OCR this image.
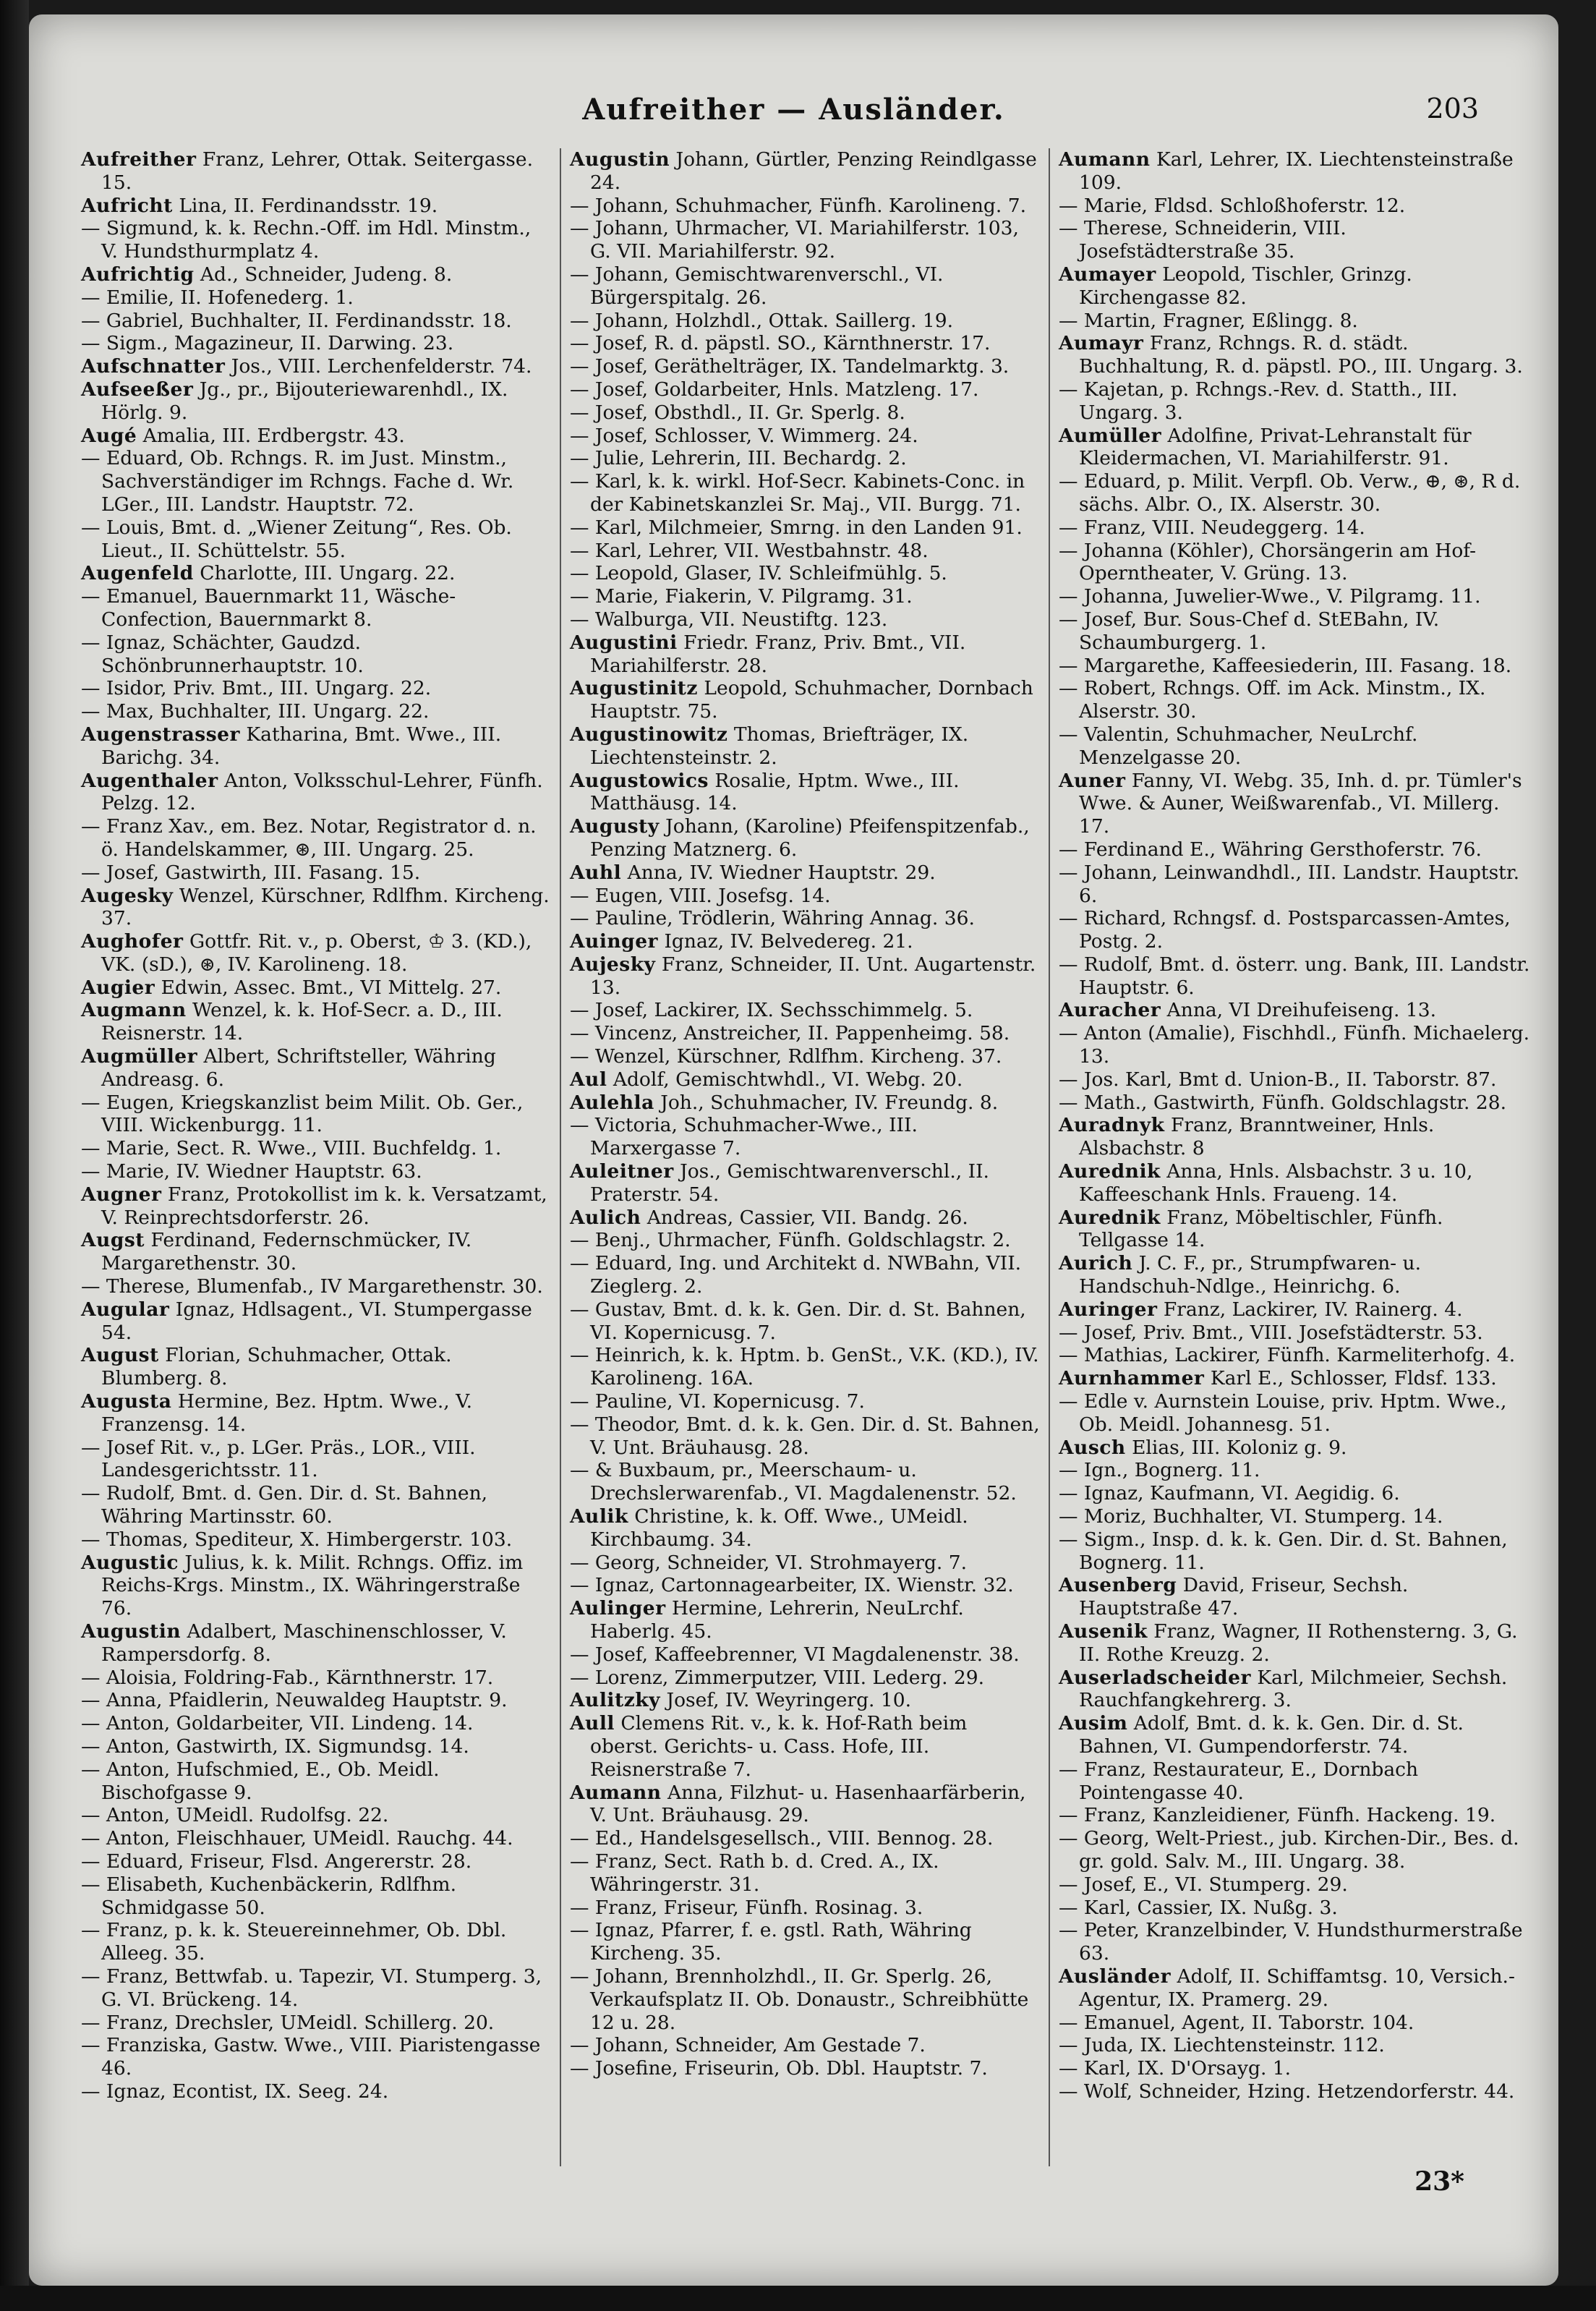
Aufreither — Ausländer.	203
Aufreither Franz, Lehrer, Ottak. Seitergasse. 15.
Aufricht Lina, II. Ferdinandsstr. 19.
— Sigmund, k. k. Rechn.-Off. im Hdl. Minstm., V. Hundsthurmplatz 4.
Aufrichtig Ad., Schneider, Judeng. 8.
— Emilie, II. Hofenederg. 1.
— Gabriel, Buchhalter, II. Ferdinandsstr. 18.
— Sigm., Magazineur, II. Darwing. 23.
Aufschnatter Jos., VIII. Lerchenfelderstr. 74.
Aufseeßer Jg., pr., Bijouteriewarenhdl., IX. Hörlg. 9.
Augé Amalia, III. Erdbergstr. 43.
— Eduard, Ob. Rchngs. R. im Just. Minstm., Sachverständiger im Rchngs. Fache d. Wr. LGer., III. Landstr. Hauptstr. 72.
— Louis, Bmt. d. „Wiener Zeitung“, Res. Ob. Lieut., II. Schüttelstr. 55.
Augenfeld Charlotte, III. Ungarg. 22.
— Emanuel, Bauernmarkt 11, Wäsche-Confection, Bauernmarkt 8.
— Ignaz, Schächter, Gaudzd. Schönbrunnerhauptstr. 10.
— Isidor, Priv. Bmt., III. Ungarg. 22.
— Max, Buchhalter, III. Ungarg. 22.
Augenstrasser Katharina, Bmt. Wwe., III. Barichg. 34.
Augenthaler Anton, Volksschul-Lehrer, Fünfh. Pelzg. 12.
— Franz Xav., em. Bez. Notar, Registrator d. n. ö. Handelskammer, ⊛, III. Ungarg. 25.
— Josef, Gastwirth, III. Fasang. 15.
Augesky Wenzel, Kürschner, Rdlfhm. Kircheng. 37.
Aughofer Gottfr. Rit. v., p. Oberst, ♔ 3. (KD.), VK. (sD.), ⊛, IV. Karolineng. 18.
Augier Edwin, Assec. Bmt., VI Mittelg. 27.
Augmann Wenzel, k. k. Hof-Secr. a. D., III. Reisnerstr. 14.
Augmüller Albert, Schriftsteller, Währing Andreasg. 6.
— Eugen, Kriegskanzlist beim Milit. Ob. Ger., VIII. Wickenburgg. 11.
— Marie, Sect. R. Wwe., VIII. Buchfeldg. 1.
— Marie, IV. Wiedner Hauptstr. 63.
Augner Franz, Protokollist im k. k. Versatzamt, V. Reinprechtsdorferstr. 26.
Augst Ferdinand, Federnschmücker, IV. Margarethenstr. 30.
— Therese, Blumenfab., IV Margarethenstr. 30.
Augular Ignaz, Hdlsagent., VI. Stumpergasse 54.
August Florian, Schuhmacher, Ottak. Blumberg. 8.
Augusta Hermine, Bez. Hptm. Wwe., V. Franzensg. 14.
— Josef Rit. v., p. LGer. Präs., LOR., VIII. Landesgerichtsstr. 11.
— Rudolf, Bmt. d. Gen. Dir. d. St. Bahnen, Währing Martinsstr. 60.
— Thomas, Spediteur, X. Himbergerstr. 103.
Augustic Julius, k. k. Milit. Rchngs. Offiz. im Reichs-Krgs. Minstm., IX. Währingerstraße 76.
Augustin Adalbert, Maschinenschlosser, V. Rampersdorfg. 8.
— Aloisia, Foldring-Fab., Kärnthnerstr. 17.
— Anna, Pfaidlerin, Neuwaldeg Hauptstr. 9.
— Anton, Goldarbeiter, VII. Lindeng. 14.
— Anton, Gastwirth, IX. Sigmundsg. 14.
— Anton, Hufschmied, E., Ob. Meidl. Bischofgasse 9.
— Anton, UMeidl. Rudolfsg. 22.
— Anton, Fleischhauer, UMeidl. Rauchg. 44.
— Eduard, Friseur, Flsd. Angererstr. 28.
— Elisabeth, Kuchenbäckerin, Rdlfhm. Schmidgasse 50.
— Franz, p. k. k. Steuereinnehmer, Ob. Dbl. Alleeg. 35.
— Franz, Bettwfab. u. Tapezir, VI. Stumperg. 3, G. VI. Brückeng. 14.
— Franz, Drechsler, UMeidl. Schillerg. 20.
— Franziska, Gastw. Wwe., VIII. Piaristengasse 46.
— Ignaz, Econtist, IX. Seeg. 24.
Augustin Johann, Gürtler, Penzing Reindlgasse 24.
— Johann, Schuhmacher, Fünfh. Karolineng. 7.
— Johann, Uhrmacher, VI. Mariahilferstr. 103, G. VII. Mariahilferstr. 92.
— Johann, Gemischtwarenverschl., VI. Bürgerspitalg. 26.
— Johann, Holzhdl., Ottak. Saillerg. 19.
— Josef, R. d. päpstl. SO., Kärnthnerstr. 17.
— Josef, Geräthelträger, IX. Tandelmarktg. 3.
— Josef, Goldarbeiter, Hnls. Matzleng. 17.
— Josef, Obsthdl., II. Gr. Sperlg. 8.
— Josef, Schlosser, V. Wimmerg. 24.
— Julie, Lehrerin, III. Bechardg. 2.
— Karl, k. k. wirkl. Hof-Secr. Kabinets-Conc. in der Kabinetskanzlei Sr. Maj., VII. Burgg. 71.
— Karl, Milchmeier, Smrng. in den Landen 91.
— Karl, Lehrer, VII. Westbahnstr. 48.
— Leopold, Glaser, IV. Schleifmühlg. 5.
— Marie, Fiakerin, V. Pilgramg. 31.
— Walburga, VII. Neustiftg. 123.
Augustini Friedr. Franz, Priv. Bmt., VII. Mariahilferstr. 28.
Augustinitz Leopold, Schuhmacher, Dornbach Hauptstr. 75.
Augustinowitz Thomas, Briefträger, IX. Liechtensteinstr. 2.
Augustowics Rosalie, Hptm. Wwe., III. Matthäusg. 14.
Augusty Johann, (Karoline) Pfeifenspitzenfab., Penzing Matznerg. 6.
Auhl Anna, IV. Wiedner Hauptstr. 29.
— Eugen, VIII. Josefsg. 14.
— Pauline, Trödlerin, Währing Annag. 36.
Auinger Ignaz, IV. Belvedereg. 21.
Aujesky Franz, Schneider, II. Unt. Augartenstr. 13.
— Josef, Lackirer, IX. Sechsschimmelg. 5.
— Vincenz, Anstreicher, II. Pappenheimg. 58.
— Wenzel, Kürschner, Rdlfhm. Kircheng. 37.
Aul Adolf, Gemischtwhdl., VI. Webg. 20.
Aulehla Joh., Schuhmacher, IV. Freundg. 8.
— Victoria, Schuhmacher-Wwe., III. Marxergasse 7.
Auleitner Jos., Gemischtwarenverschl., II. Praterstr. 54.
Aulich Andreas, Cassier, VII. Bandg. 26.
— Benj., Uhrmacher, Fünfh. Goldschlagstr. 2.
— Eduard, Ing. und Architekt d. NWBahn, VII. Zieglerg. 2.
— Gustav, Bmt. d. k. k. Gen. Dir. d. St. Bahnen, VI. Kopernicusg. 7.
— Heinrich, k. k. Hptm. b. GenSt., V.K. (KD.), IV. Karolineng. 16A.
— Pauline, VI. Kopernicusg. 7.
— Theodor, Bmt. d. k. k. Gen. Dir. d. St. Bahnen, V. Unt. Bräuhausg. 28.
— & Buxbaum, pr., Meerschaum- u. Drechslerwarenfab., VI. Magdalenenstr. 52.
Aulik Christine, k. k. Off. Wwe., UMeidl. Kirchbaumg. 34.
— Georg, Schneider, VI. Strohmayerg. 7.
— Ignaz, Cartonnagearbeiter, IX. Wienstr. 32.
Aulinger Hermine, Lehrerin, NeuLrchf. Haberlg. 45.
— Josef, Kaffeebrenner, VI Magdalenenstr. 38.
— Lorenz, Zimmerputzer, VIII. Lederg. 29.
Aulitzky Josef, IV. Weyringerg. 10.
Aull Clemens Rit. v., k. k. Hof-Rath beim oberst. Gerichts- u. Cass. Hofe, III. Reisnerstraße 7.
Aumann Anna, Filzhut- u. Hasenhaarfärberin, V. Unt. Bräuhausg. 29.
— Ed., Handelsgesellsch., VIII. Bennog. 28.
— Franz, Sect. Rath b. d. Cred. A., IX. Währingerstr. 31.
— Franz, Friseur, Fünfh. Rosinag. 3.
— Ignaz, Pfarrer, f. e. gstl. Rath, Währing Kircheng. 35.
— Johann, Brennholzhdl., II. Gr. Sperlg. 26, Verkaufsplatz II. Ob. Donaustr., Schreibhütte 12 u. 28.
— Johann, Schneider, Am Gestade 7.
— Josefine, Friseurin, Ob. Dbl. Hauptstr. 7.
Aumann Karl, Lehrer, IX. Liechtensteinstraße 109.
— Marie, Fldsd. Schloßhoferstr. 12.
— Therese, Schneiderin, VIII. Josefstädterstraße 35.
Aumayer Leopold, Tischler, Grinzg. Kirchengasse 82.
— Martin, Fragner, Eßlingg. 8.
Aumayr Franz, Rchngs. R. d. städt. Buchhaltung, R. d. päpstl. PO., III. Ungarg. 3.
— Kajetan, p. Rchngs.-Rev. d. Statth., III. Ungarg. 3.
Aumüller Adolfine, Privat-Lehranstalt für Kleidermachen, VI. Mariahilferstr. 91.
— Eduard, p. Milit. Verpfl. Ob. Verw., ⊕, ⊛, R d. sächs. Albr. O., IX. Alserstr. 30.
— Franz, VIII. Neudeggerg. 14.
— Johanna (Köhler), Chorsängerin am Hof-Operntheater, V. Grüng. 13.
— Johanna, Juwelier-Wwe., V. Pilgramg. 11.
— Josef, Bur. Sous-Chef d. StEBahn, IV. Schaumburgerg. 1.
— Margarethe, Kaffeesiederin, III. Fasang. 18.
— Robert, Rchngs. Off. im Ack. Minstm., IX. Alserstr. 30.
— Valentin, Schuhmacher, NeuLrchf. Menzelgasse 20.
Auner Fanny, VI. Webg. 35, Inh. d. pr. Tümler's Wwe. & Auner, Weißwarenfab., VI. Millerg. 17.
— Ferdinand E., Währing Gersthoferstr. 76.
— Johann, Leinwandhdl., III. Landstr. Hauptstr. 6.
— Richard, Rchngsf. d. Postsparcassen-Amtes, Postg. 2.
— Rudolf, Bmt. d. österr. ung. Bank, III. Landstr. Hauptstr. 6.
Auracher Anna, VI Dreihufeiseng. 13.
— Anton (Amalie), Fischhdl., Fünfh. Michaelerg. 13.
— Jos. Karl, Bmt d. Union-B., II. Taborstr. 87.
— Math., Gastwirth, Fünfh. Goldschlagstr. 28.
Auradnyk Franz, Branntweiner, Hnls. Alsbachstr. 8
Aurednik Anna, Hnls. Alsbachstr. 3 u. 10, Kaffeeschank Hnls. Fraueng. 14.
Aurednik Franz, Möbeltischler, Fünfh. Tellgasse 14.
Aurich J. C. F., pr., Strumpfwaren- u. Handschuh-Ndlge., Heinrichg. 6.
Auringer Franz, Lackirer, IV. Rainerg. 4.
— Josef, Priv. Bmt., VIII. Josefstädterstr. 53.
— Mathias, Lackirer, Fünfh. Karmeliterhofg. 4.
Aurnhammer Karl E., Schlosser, Fldsf. 133.
— Edle v. Aurnstein Louise, priv. Hptm. Wwe., Ob. Meidl. Johannesg. 51.
Ausch Elias, III. Koloniz g. 9.
— Ign., Bognerg. 11.
— Ignaz, Kaufmann, VI. Aegidig. 6.
— Moriz, Buchhalter, VI. Stumperg. 14.
— Sigm., Insp. d. k. k. Gen. Dir. d. St. Bahnen, Bognerg. 11.
Ausenberg David, Friseur, Sechsh. Hauptstraße 47.
Ausenik Franz, Wagner, II Rothensterng. 3, G. II. Rothe Kreuzg. 2.
Auserladscheider Karl, Milchmeier, Sechsh. Rauchfangkehrerg. 3.
Ausim Adolf, Bmt. d. k. k. Gen. Dir. d. St. Bahnen, VI. Gumpendorferstr. 74.
— Franz, Restaurateur, E., Dornbach Pointengasse 40.
— Franz, Kanzleidiener, Fünfh. Hackeng. 19.
— Georg, Welt-Priest., jub. Kirchen-Dir., Bes. d. gr. gold. Salv. M., III. Ungarg. 38.
— Josef, E., VI. Stumperg. 29.
— Karl, Cassier, IX. Nußg. 3.
— Peter, Kranzelbinder, V. Hundsthurmerstraße 63.
Ausländer Adolf, II. Schiffamtsg. 10, Versich.-Agentur, IX. Pramerg. 29.
— Emanuel, Agent, II. Taborstr. 104.
— Juda, IX. Liechtensteinstr. 112.
— Karl, IX. D'Orsayg. 1.
— Wolf, Schneider, Hzing. Hetzendorferstr. 44.
23*
